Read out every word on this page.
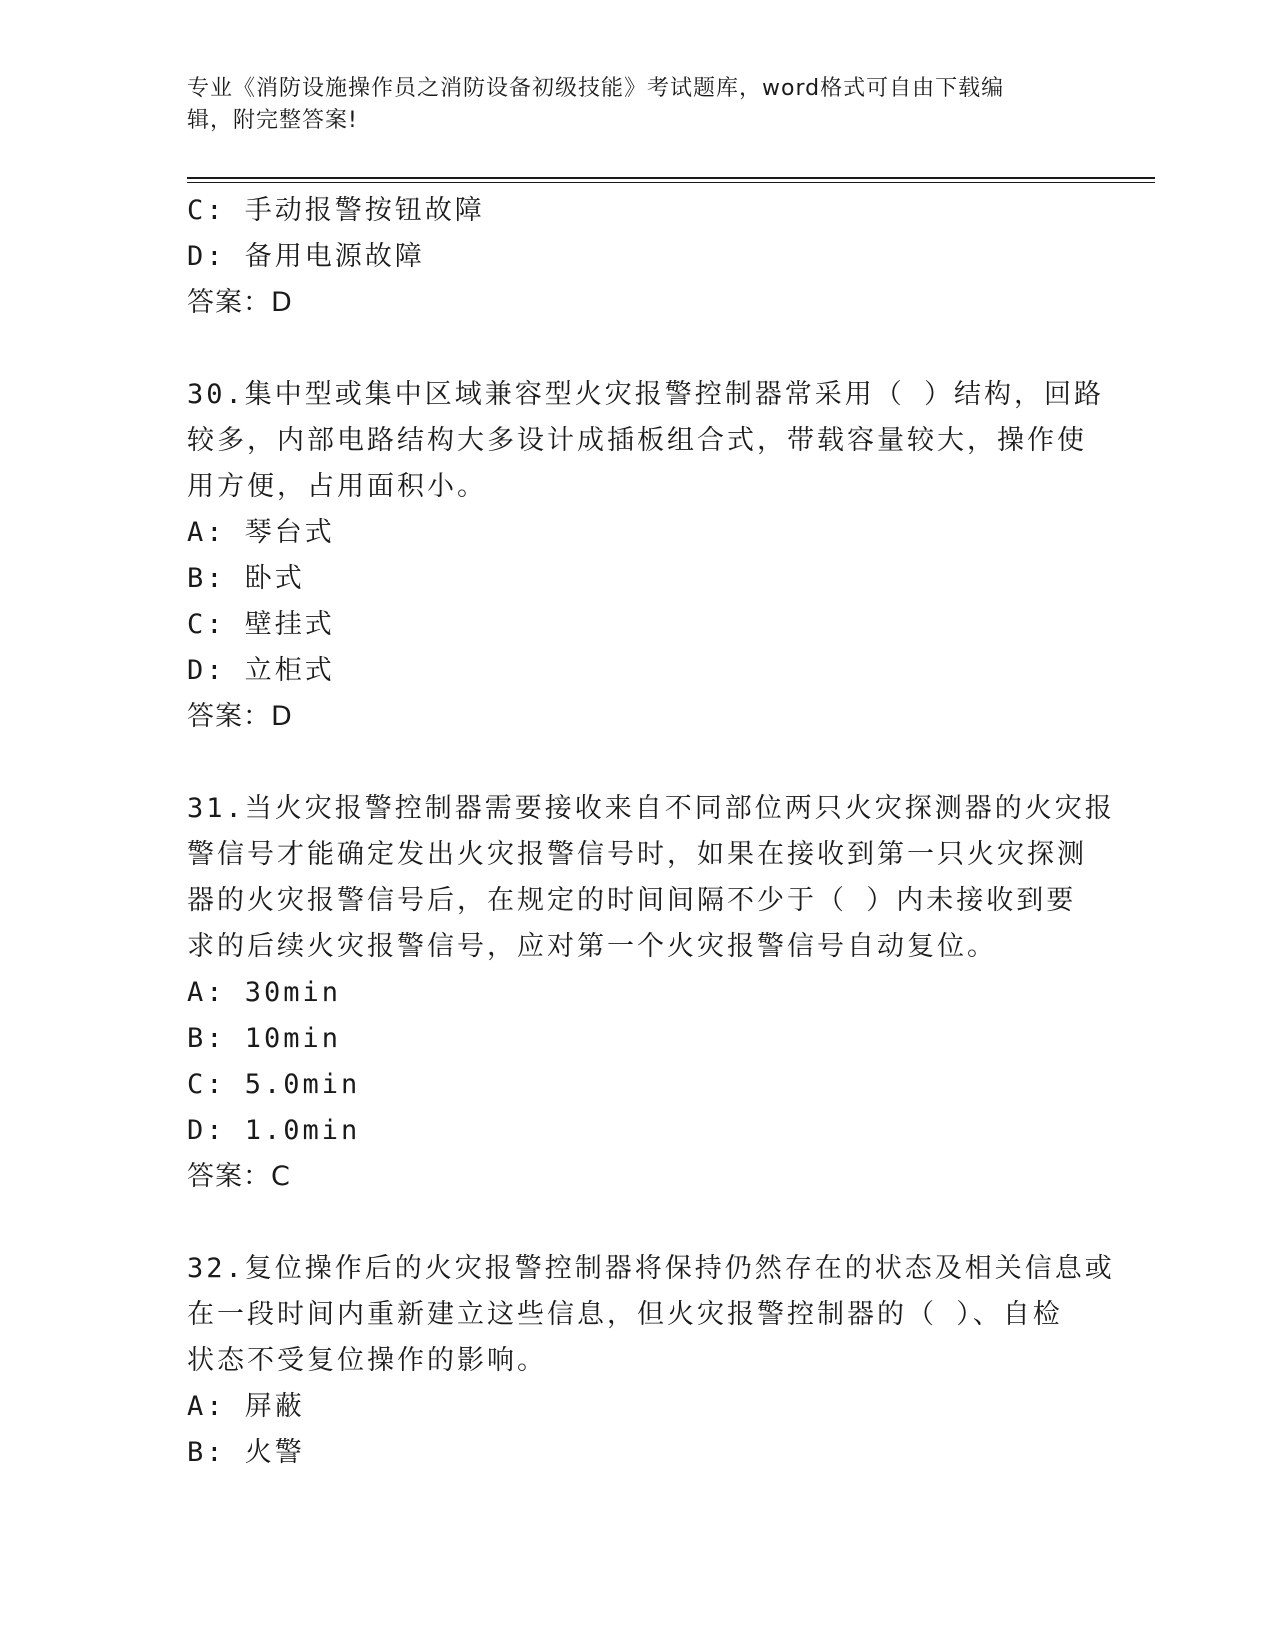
专业《消防设施操作员之消防设备初级技能》考试题库，word格式可自由下载编
辑，附完整答案!
C: 手动报警按钮故障
D: 备用电源故障
答案：D
30.集中型或集中区域兼容型火灾报警控制器常采用（ ）结构，回路
较多，内部电路结构大多设计成插板组合式，带载容量较大，操作使
用方便，占用面积小。
A: 琴台式
B: 卧式
C: 壁挂式
D: 立柜式
答案：D
31.当火灾报警控制器需要接收来自不同部位两只火灾探测器的火灾报
警信号才能确定发出火灾报警信号时，如果在接收到第一只火灾探测
器的火灾报警信号后，在规定的时间间隔不少于（ ）内未接收到要
求的后续火灾报警信号，应对第一个火灾报警信号自动复位。
A: 30min
B: 10min
C: 5.0min
D: 1.0min
答案：C
32.复位操作后的火灾报警控制器将保持仍然存在的状态及相关信息或
在一段时间内重新建立这些信息，但火灾报警控制器的（ ）、自检
状态不受复位操作的影响。
A: 屏蔽
B: 火警
